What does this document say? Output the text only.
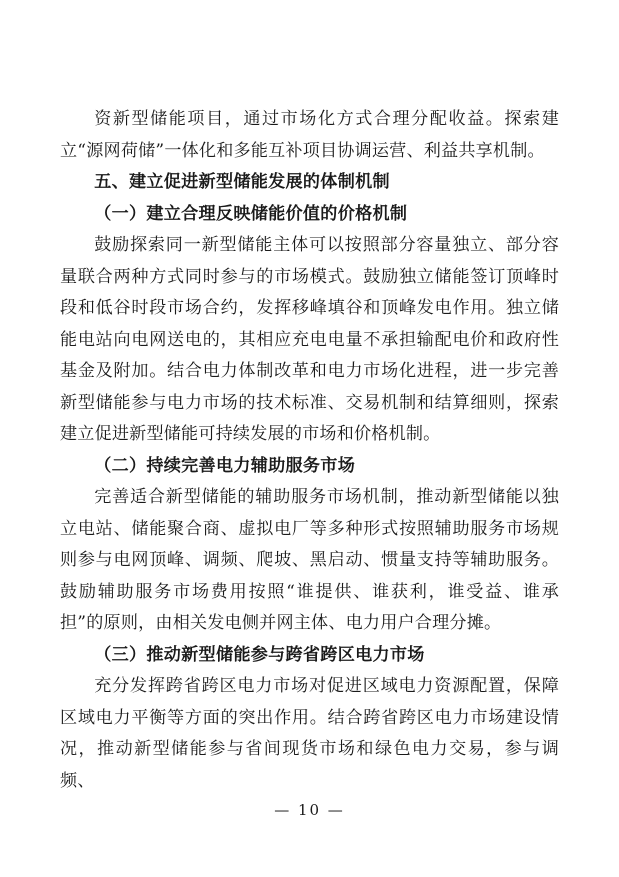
资新型储能项目，通过市场化方式合理分配收益。探索建立“源网荷储”一体化和多能互补项目协调运营、利益共享机制。

五、建立促进新型储能发展的体制机制

（一）建立合理反映储能价值的价格机制

鼓励探索同一新型储能主体可以按照部分容量独立、部分容量联合两种方式同时参与的市场模式。鼓励独立储能签订顶峰时段和低谷时段市场合约，发挥移峰填谷和顶峰发电作用。独立储能电站向电网送电的，其相应充电电量不承担输配电价和政府性基金及附加。结合电力体制改革和电力市场化进程，进一步完善新型储能参与电力市场的技术标准、交易机制和结算细则，探索建立促进新型储能可持续发展的市场和价格机制。

（二）持续完善电力辅助服务市场

完善适合新型储能的辅助服务市场机制，推动新型储能以独立电站、储能聚合商、虚拟电厂等多种形式按照辅助服务市场规则参与电网顶峰、调频、爬坡、黑启动、惯量支持等辅助服务。鼓励辅助服务市场费用按照“谁提供、谁获利，谁受益、谁承担”的原则，由相关发电侧并网主体、电力用户合理分摊。

（三）推动新型储能参与跨省跨区电力市场

充分发挥跨省跨区电力市场对促进区域电力资源配置，保障区域电力平衡等方面的突出作用。结合跨省跨区电力市场建设情况，推动新型储能参与省间现货市场和绿色电力交易，参与调频、

— 10 —
